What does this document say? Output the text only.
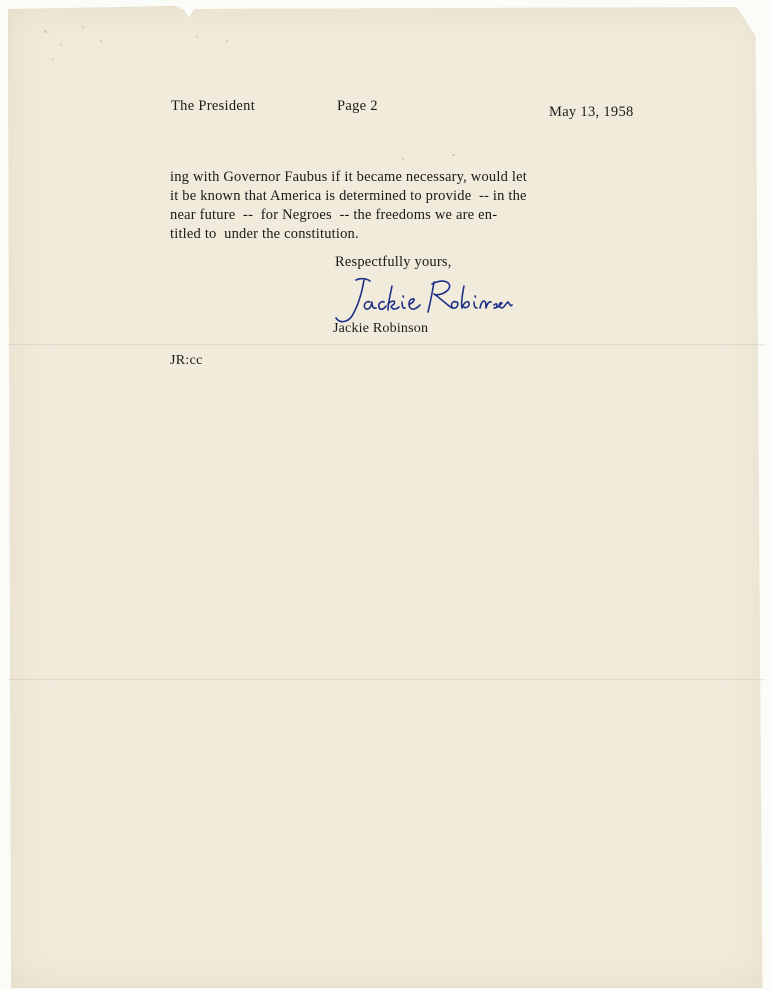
The President	Page 2	May 13, 1958
ing with Governor Faubus if it became necessary, would let
it be known that America is determined to provide  -- in the
near future  --  for Negroes  -- the freedoms we are en-
titled to  under the constitution.
Respectfully yours,
Jackie Robinson
JR:cc
